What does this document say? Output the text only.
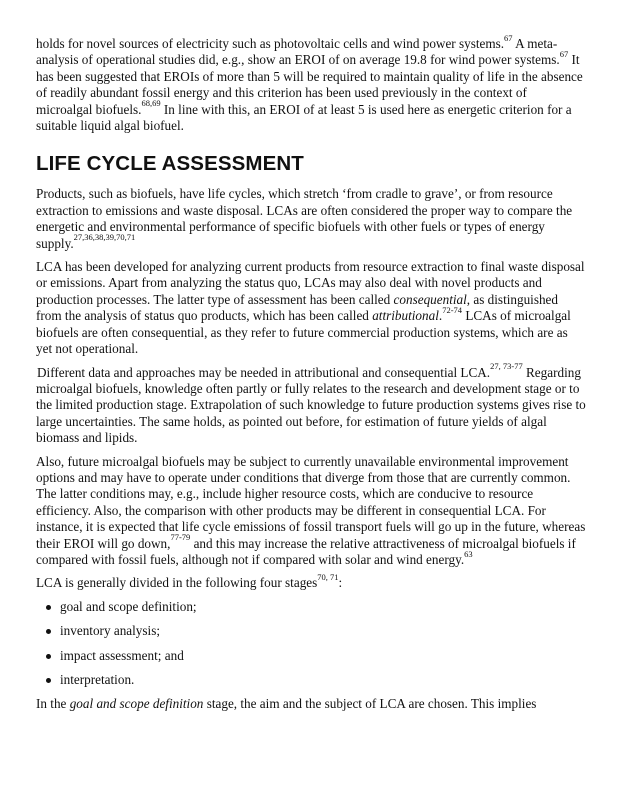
holds for novel sources of electricity such as photovoltaic cells and wind power systems.$^{67}$ A meta-analysis of operational studies did, e.g., show an EROI of on average 19.8 for wind power systems.$^{67}$ It has been suggested that EROIs of more than 5 will be required to maintain quality of life in the absence of readily abundant fossil energy and this criterion has been used previously in the context of microalgal biofuels.$^{68,69}$ In line with this, an EROI of at least 5 is used here as energetic criterion for a suitable liquid algal biofuel.

LIFE CYCLE ASSESSMENT

Products, such as biofuels, have life cycles, which stretch ‘from cradle to grave’, or from resource extraction to emissions and waste disposal. LCAs are often considered the proper way to compare the energetic and environmental performance of specific biofuels with other fuels or types of energy supply.$^{27,36,38,39,70,71}$

LCA has been developed for analyzing current products from resource extraction to final waste disposal or emissions. Apart from analyzing the status quo, LCAs may also deal with novel products and production processes. The latter type of assessment has been called consequential, as distinguished from the analysis of status quo products, which has been called attributional.$^{72-74}$ LCAs of microalgal biofuels are often consequential, as they refer to future commercial production systems, which are as yet not operational.

Different data and approaches may be needed in attributional and consequential LCA.$^{27, 73-77}$ Regarding microalgal biofuels, knowledge often partly or fully relates to the research and development stage or to the limited production stage. Extrapolation of such knowledge to future production systems gives rise to large uncertainties. The same holds, as pointed out before, for estimation of future yields of algal biomass and lipids.

Also, future microalgal biofuels may be subject to currently unavailable environmental improvement options and may have to operate under conditions that diverge from those that are currently common. The latter conditions may, e.g., include higher resource costs, which are conducive to resource efficiency. Also, the comparison with other products may be different in consequential LCA. For instance, it is expected that life cycle emissions of fossil transport fuels will go up in the future, whereas their EROI will go down,$^{77-79}$ and this may increase the relative attractiveness of microalgal biofuels if compared with fossil fuels, although not if compared with solar and wind energy.$^{63}$

LCA is generally divided in the following four stages$^{70, 71}$:

goal and scope definition;
inventory analysis;
impact assessment; and
interpretation.

In the goal and scope definition stage, the aim and the subject of LCA are chosen. This implies
